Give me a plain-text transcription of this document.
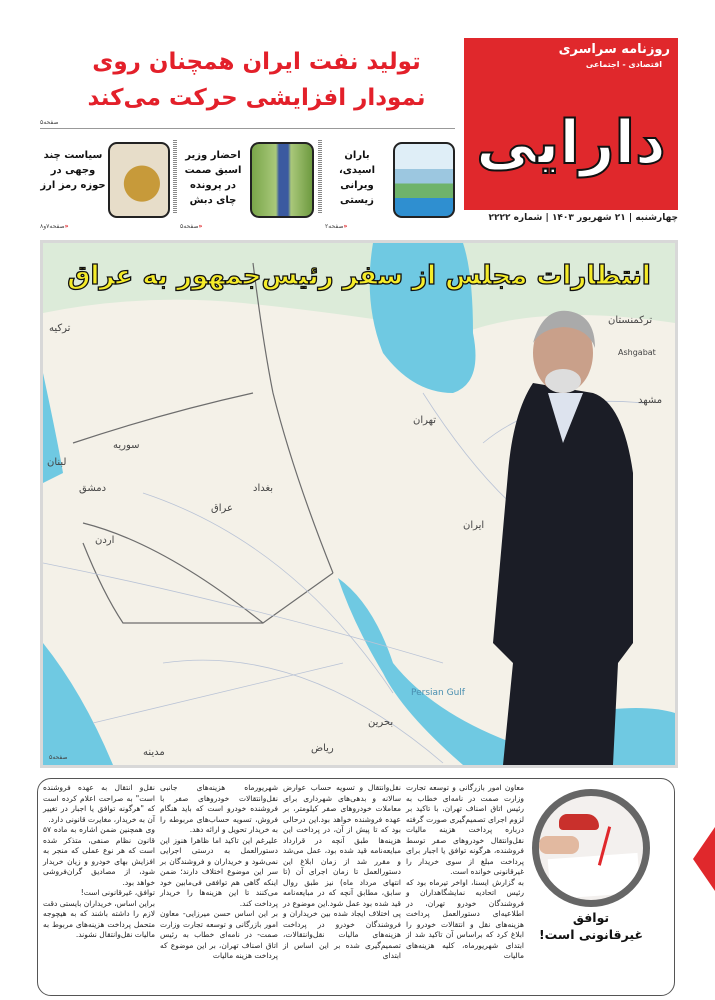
روزنامه سراسری
اقتصادی - اجتماعی
دارایی
چهارشنبه | ۲۱ شهریور ۱۴۰۳ | شماره ۲۲۲۲
تولید نفت ایران همچنان روی
نمودار افزایشی حرکت می‌کند
صفحه۵
باران اسیدی، ویرانی زیستی
«صفحه۲
احضار وزیر اسبق صمت در پرونده چای دبش
«صفحه۵
سیاست چند وجهی در حوزه رمز ارز
«صفحه۷و۸
ترکیه
ترکمنستان
Ashgabat
مشهد
تهران
ایران
سوریه
لبنان
دمشق	بغداد
عراق
اردن
Persian Gulf
بحرین
ریاض
مدینه
انتظارات مجلس از سفر رئیس‌جمهور به عراق
صفحه۵

معاون امور بازرگانی و توسعه تجارت وزارت صمت در نامه‌ای خطاب به رئیس اتاق اصناف تهران، با تاکید بر لزوم اجرای تصمیم‌گیری صورت گرفته درباره پرداخت هزینه مالیات نقل‌وانتقال خودروهای صفر توسط فروشنده، هرگونه توافق یا اجبار برای پرداخت مبلغ از سوی خریدار را غیرقانونی خوانده است.

به گزارش ایسنا، اواخر تیرماه بود که رئیس اتحادیه نمایشگاهداران و فروشندگان خودرو تهران، در اطلاعیه‌ای دستورالعمل پرداخت هزینه‌های نقل و انتقالات خودرو را ابلاغ کرد که براساس آن تاکید شد از ابتدای شهریورماه، کلیه هزینه‌های مالیات

نقل‌وانتقال و تسویه حساب عوارض سالانه و بدهی‌های شهرداری برای معاملات خودروهای صفر کیلومتر، بر عهده فروشنده خواهد بود.این درحالی بود که تا پیش از آن، در پرداخت این هزینه‌ها طبق آنچه در قرارداد مبایعه‌نامه قید شده بود، عمل می‌شد و مقرر شد از زمان ابلاغ این دستورالعمل تا زمان اجرای آن (تا انتهای مرداد ماه) نیز طبق روال سابق، مطابق آنچه که در مبایعه‌نامه قید شده بود عمل شود.این موضوع در پی اختلاف ایجاد شده بین خریداران و فروشندگان خودرو در پرداخت هزینه‌های مالیات نقل‌وانتقالات، تصمیم‌گیری شده بر این اساس از ابتدای

شهریورماه هزینه‌های جانبی نقل‌وانتقالات خودروهای صفر با فروشنده خودرو است که باید هنگام فروش، تسویه حساب‌های مربوطه را به خریدار تحویل و ارائه دهد.

علیرغم این تاکید اما ظاهرا هنوز این دستورالعمل به درستی اجرایی نمی‌شود و خریداران و فروشندگان بر سر این موضوع اختلاف دارند؛ ضمن اینکه گاهی هم توافقی فی‌مابین خود می‌کنند تا این هزینه‌ها را خریدار پرداخت کند.

بر این اساس حسن میرزایی- معاون امور بازرگانی و توسعه تجارت وزارت صمت- در نامه‌ای خطاب به رئیس اتاق اصناف تهران، بر این موضوع که پرداخت هزینه مالیات

نقل‌و انتقال به عهده فروشنده است" به صراحت اعلام کرده است که "هرگونه توافق یا اجبار در تغییر آن به خریدار، مغایرت قانونی دارد.

وی همچنین ضمن اشاره به ماده ۵۷ قانون نظام صنفی، متذکر شده است که هر نوع عملی که منجر به افزایش بهای خودرو و زیان خریدار شود، از مصادیق گران‌فروشی خواهد بود.

توافق، غیرقانونی است!

براین اساس، خریداران بایستی دقت لازم را داشته باشند که به هیچوجه متحمل پرداخت هزینه‌های مربوط به مالیات نقل‌وانتقال نشوند.

توافق
غیرقانونی است!
